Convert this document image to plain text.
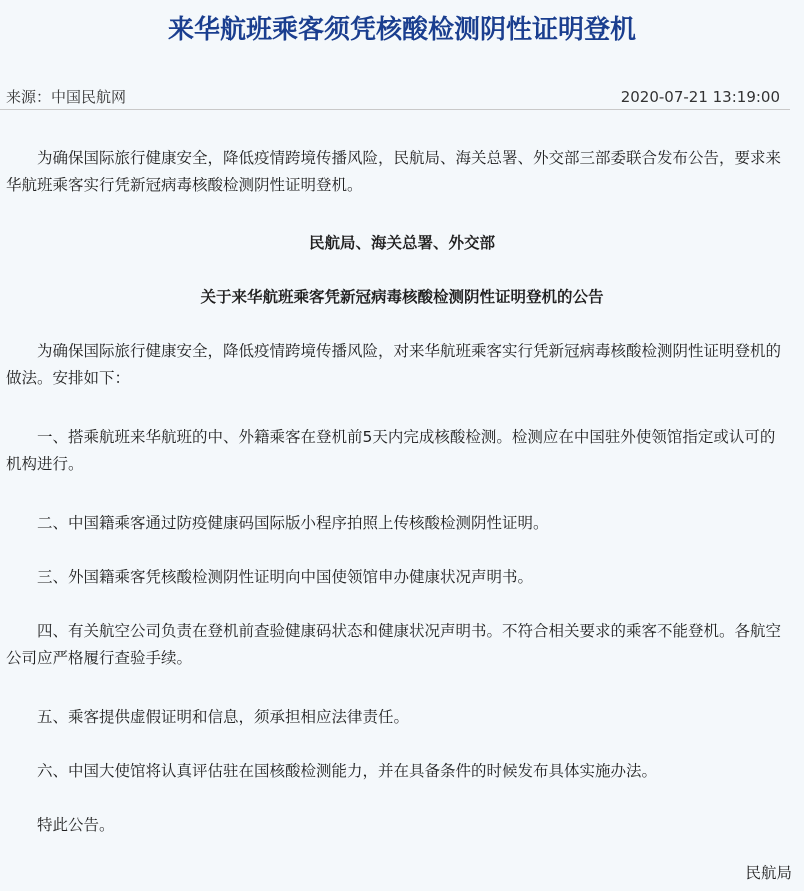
来华航班乘客须凭核酸检测阴性证明登机
来源：中国民航网	2020-07-21 13:19:00

为确保国际旅行健康安全，降低疫情跨境传播风险，民航局、海关总署、外交部三部委联合发布公告，要求来华航班乘客实行凭新冠病毒核酸检测阴性证明登机。

民航局、海关总署、外交部

关于来华航班乘客凭新冠病毒核酸检测阴性证明登机的公告

为确保国际旅行健康安全，降低疫情跨境传播风险，对来华航班乘客实行凭新冠病毒核酸检测阴性证明登机的做法。安排如下：

一、搭乘航班来华航班的中、外籍乘客在登机前5天内完成核酸检测。检测应在中国驻外使领馆指定或认可的机构进行。

二、中国籍乘客通过防疫健康码国际版小程序拍照上传核酸检测阴性证明。

三、外国籍乘客凭核酸检测阴性证明向中国使领馆申办健康状况声明书。

四、有关航空公司负责在登机前查验健康码状态和健康状况声明书。不符合相关要求的乘客不能登机。各航空公司应严格履行查验手续。

五、乘客提供虚假证明和信息，须承担相应法律责任。

六、中国大使馆将认真评估驻在国核酸检测能力，并在具备条件的时候发布具体实施办法。

特此公告。

民航局
